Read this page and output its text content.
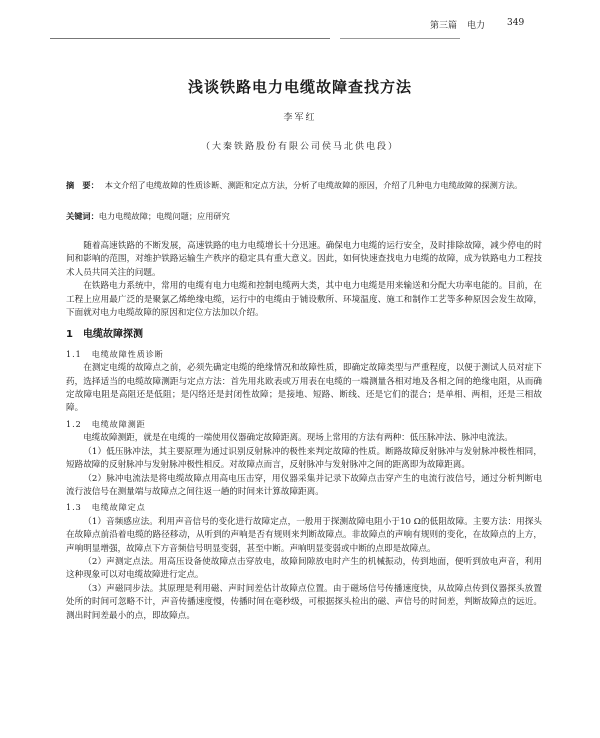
第三篇 电力 349
浅谈铁路电力电缆故障查找方法
李军红
（大秦铁路股份有限公司侯马北供电段）
摘　要： 本文介绍了电缆故障的性质诊断、测距和定点方法，分析了电缆故障的原因，介绍了几种电力电缆故障的探测方法。
关键词： 电力电缆故障；电缆问题；应用研究

随着高速铁路的不断发展，高速铁路的电力电缆增长十分迅速。确保电力电缆的运行安全，及时排除故障，减少停电的时间和影响的范围，对维护铁路运输生产秩序的稳定具有重大意义。因此，如何快速查找电力电缆的故障，成为铁路电力工程技术人员共同关注的问题。

在铁路电力系统中，常用的电缆有电力电缆和控制电缆两大类，其中电力电缆是用来输送和分配大功率电能的。目前，在工程上应用最广泛的是聚氯乙烯绝缘电缆，运行中的电缆由于铺设敷所、环境温度、施工和制作工艺等多种原因会发生故障，下面就对电力电缆故障的原因和定位方法加以介绍。

1 电缆故障探测
1.1 电缆故障性质诊断

在测定电缆的故障点之前，必须先确定电缆的绝缘情况和故障性质，即确定故障类型与严重程度，以便于测试人员对症下药，选择适当的电缆故障测距与定点方法：首先用兆欧表或万用表在电缆的一端测量各相对地及各相之间的绝缘电阻，从而确定故障电阻是高阻还是低阻；是闪络还是封闭性故障；是接地、短路、断线、还是它们的混合；是单相、两相，还是三相故障。

1.2 电缆故障测距

电缆故障测距，就是在电缆的一端使用仪器确定故障距离。现场上常用的方法有两种：低压脉冲法、脉冲电流法。

（1）低压脉冲法，其主要原理为通过识别反射脉冲的极性来判定故障的性质。断路故障反射脉冲与发射脉冲极性相同，短路故障的反射脉冲与发射脉冲极性相反。对故障点而言，反射脉冲与发射脉冲之间的距离即为故障距离。

（2）脉冲电流法是将电缆故障点用高电压击穿，用仪器采集并记录下故障点击穿产生的电流行波信号，通过分析判断电流行波信号在测量端与故障点之间往返一趟的时间来计算故障距离。

1.3 电缆故障定点

（1）音频感应法。利用声音信号的变化进行故障定点，一般用于探测故障电阻小于10 Ω的低阻故障。主要方法：用探头在故障点前沿着电缆的路径移动，从听到的声响是否有规则来判断故障点。非故障点的声响有规则的变化，在故障点的上方，声响明显增强，故障点下方音频信号明显变弱，甚至中断。声响明显变弱或中断的点即是故障点。

（2）声测定点法。用高压设备使故障点击穿放电，故障间隙放电时产生的机械振动，传到地面，便听到放电声音，利用这种现象可以对电缆故障进行定点。

（3）声磁同步法。其原理是利用磁、声时间差估计故障点位置。由于磁场信号传播速度快，从故障点传到仪器探头放置处所的时间可忽略不计，声音传播速度慢，传播时间在毫秒级，可根据探头检出的磁、声信号的时间差，判断故障点的远近。测出时间差最小的点，即故障点。
